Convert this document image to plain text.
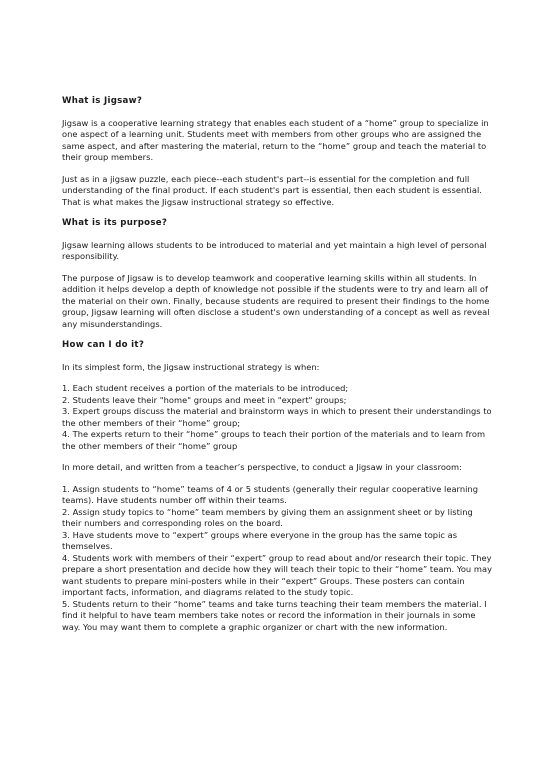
What is Jigsaw?

Jigsaw is a cooperative learning strategy that enables each student of a “home” group to specialize in one aspect of a learning unit. Students meet with members from other groups who are assigned the same aspect, and after mastering the material, return to the “home” group and teach the material to their group members.

Just as in a jigsaw puzzle, each piece--each student's part--is essential for the completion and full understanding of the final product. If each student's part is essential, then each student is essential. That is what makes the Jigsaw instructional strategy so effective.

What is its purpose?

Jigsaw learning allows students to be introduced to material and yet maintain a high level of personal responsibility.

The purpose of Jigsaw is to develop teamwork and cooperative learning skills within all students. In addition it helps develop a depth of knowledge not possible if the students were to try and learn all of the material on their own. Finally, because students are required to present their findings to the home group, Jigsaw learning will often disclose a student's own understanding of a concept as well as reveal any misunderstandings.

How can I do it?

In its simplest form, the Jigsaw instructional strategy is when:

1. Each student receives a portion of the materials to be introduced;
2. Students leave their "home" groups and meet in "expert" groups;
3. Expert groups discuss the material and brainstorm ways in which to present their understandings to the other members of their “home” group;
4. The experts return to their “home” groups to teach their portion of the materials and to learn from the other members of their “home” group

In more detail, and written from a teacher’s perspective, to conduct a Jigsaw in your classroom:

1. Assign students to “home” teams of 4 or 5 students (generally their regular cooperative learning teams). Have students number off within their teams.
2. Assign study topics to “home” team members by giving them an assignment sheet or by listing their numbers and corresponding roles on the board.
3. Have students move to “expert” groups where everyone in the group has the same topic as themselves.
4. Students work with members of their “expert” group to read about and/or research their topic. They prepare a short presentation and decide how they will teach their topic to their “home” team. You may want students to prepare mini-posters while in their “expert” Groups. These posters can contain important facts, information, and diagrams related to the study topic.
5. Students return to their “home” teams and take turns teaching their team members the material. I find it helpful to have team members take notes or record the information in their journals in some way. You may want them to complete a graphic organizer or chart with the new information.
